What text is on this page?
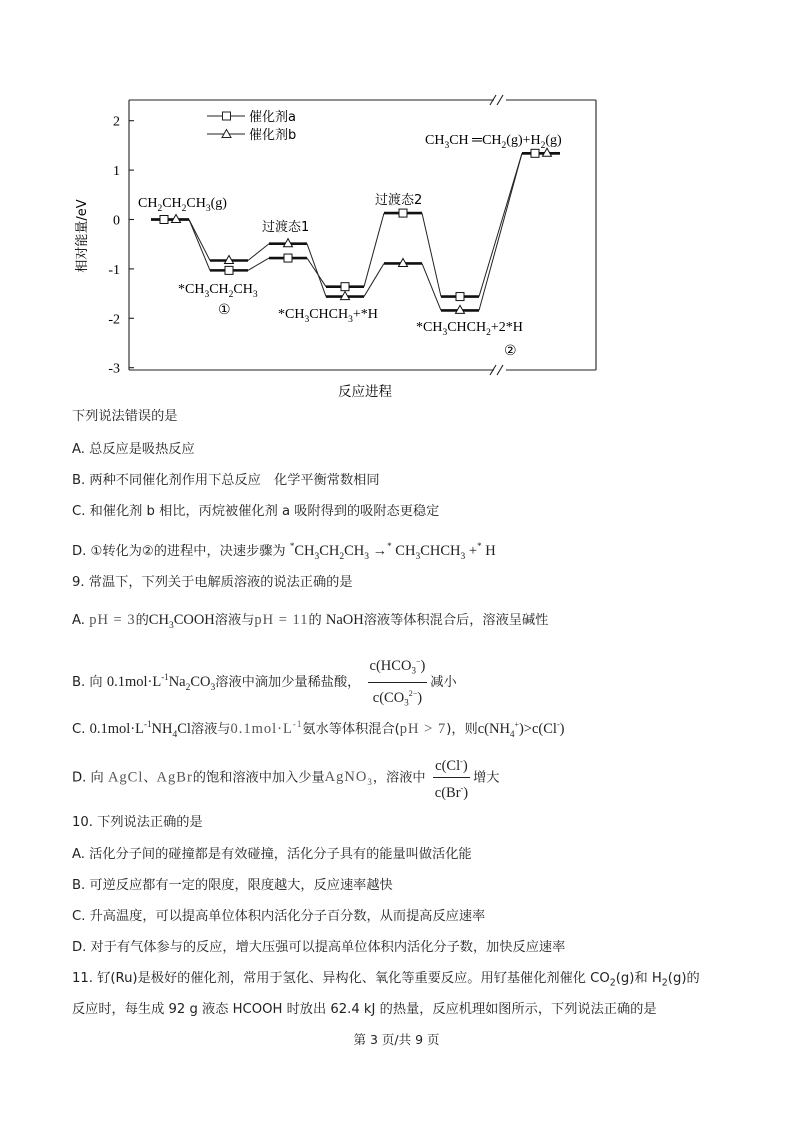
2
1
0
-1
-2
-3
相对能量/eV
反应进程
催化剂a
催化剂b
$CH_2CH_2CH_3(g)$
过渡态1
过渡态2
$*CH_3CH_2CH_3$
①	$*CH_3CHCH_3+*H$
$*CH_3CHCH_2+2*H$
②
$CH_3CH$ $═CH_2(g)+H_2(g)$
下列说法错误的是
A. 总反应是吸热反应
B. 两种不同催化剂作用下总反应　化学平衡常数相同
C. 和催化剂 b 相比，丙烷被催化剂 a 吸附得到的吸附态更稳定
D. ①转化为②的进程中，决速步骤为 $^*CH_3CH_2CH_3 \to^*$ $CH_3CHCH_3 +^*$ H
9. 常温下，下列关于电解质溶液的说法正确的是
A. pH = 3的$CH_3COOH$溶液与pH = 11的 NaOH溶液等体积混合后，溶液呈碱性
B. 向 $0.1mol\cdot L^{-1}Na_2CO_3$溶液中滴加少量稀盐酸， $\frac{c(HCO_3^-)}{c(CO_3^{2-})}$ 减小
C. $0.1mol\cdot L^{-1}NH_4Cl$溶液与$0.1mol\cdot L^{-1}$氨水等体积混合(pH > 7)，则$c(NH_4^+)>c(Cl^-)$
D. 向 AgCl、AgBr的饱和溶液中加入少量AgNO$_3$，溶液中 $\frac{c(Cl^-)}{c(Br^-)}$ 增大
10. 下列说法正确的是
A. 活化分子间的碰撞都是有效碰撞，活化分子具有的能量叫做活化能
B. 可逆反应都有一定的限度，限度越大，反应速率越快
C. 升高温度，可以提高单位体积内活化分子百分数，从而提高反应速率
D. 对于有气体参与的反应，增大压强可以提高单位体积内活化分子数，加快反应速率
11. 钌(Ru)是极好的催化剂，常用于氢化、异构化、氧化等重要反应。用钌基催化剂催化 $CO_2(g)$和 $H_2(g)$的
反应时，每生成 92 g 液态 HCOOH 时放出 62.4 kJ 的热量，反应机理如图所示，下列说法正确的是
第 3 页/共 9 页
